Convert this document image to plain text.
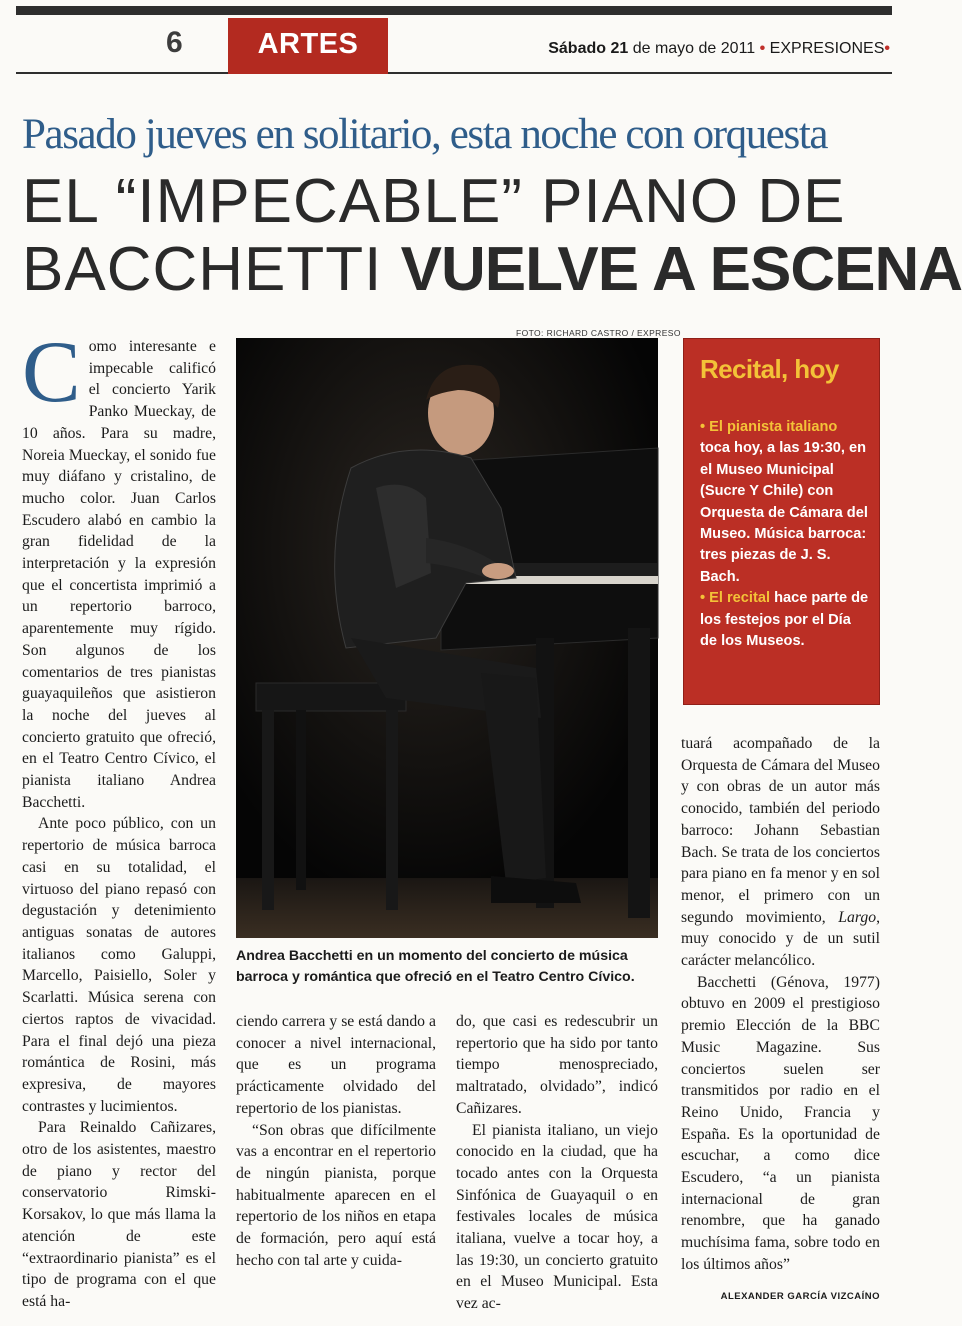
6	ARTES	Sábado 21 de mayo de 2011 • EXPRESIONES•
Pasado jueves en solitario, esta noche con orquesta
EL “IMPECABLE” PIANO DE
BACCHETTI VUELVE A ESCENA

Como interesante e impecable calificó el concierto Yarik Panko Mueckay, de 10 años. Para su madre, Noreia Mueckay, el sonido fue muy diáfano y cristalino, de mucho color. Juan Carlos Escudero alabó en cambio la gran fidelidad de la interpretación y la expresión que el concertista imprimió a un repertorio barroco, aparentemente muy rígido. Son algunos de los comentarios de tres pianistas guayaquileños que asistieron la noche del jueves al concierto gratuito que ofreció, en el Teatro Centro Cívico, el pianista italiano Andrea Bacchetti.

Ante poco público, con un repertorio de música barroca casi en su totalidad, el virtuoso del piano repasó con degustación y detenimiento antiguas sonatas de autores italianos como Galuppi, Marcello, Paisiello, Soler y Scarlatti. Música serena con ciertos raptos de vivacidad. Para el final dejó una pieza romántica de Rosini, más expresiva, de mayores contrastes y lucimientos.

Para Reinaldo Cañizares, otro de los asistentes, maestro de piano y rector del conservatorio Rimski-Korsakov, lo que más llama la atención de este “extraordinario pianista” es el tipo de programa con el que está ha-

FOTO: RICHARD CASTRO / EXPRESO
Andrea Bacchetti en un momento del concierto de música barroca y romántica que ofreció en el Teatro Centro Cívico.
Recital, hoy
• El pianista italiano toca hoy, a las 19:30, en el Museo Municipal (Sucre Y Chile) con Orquesta de Cámara del Museo. Música barroca: tres piezas de J. S. Bach.
• El recital hace parte de los festejos por el Día de los Museos.

ciendo carrera y se está dando a conocer a nivel internacional, que es un programa prácticamente olvidado del repertorio de los pianistas.

“Son obras que difícilmente vas a encontrar en el repertorio de ningún pianista, porque habitualmente aparecen en el repertorio de los niños en etapa de formación, pero aquí está hecho con tal arte y cuida-

do, que casi es redescubrir un repertorio que ha sido por tanto tiempo menospreciado, maltratado, olvidado”, indicó Cañizares.

El pianista italiano, un viejo conocido en la ciudad, que ha tocado antes con la Orquesta Sinfónica de Guayaquil o en festivales locales de música italiana, vuelve a tocar hoy, a las 19:30, un concierto gratuito en el Museo Municipal. Esta vez ac-

tuará acompañado de la Orquesta de Cámara del Museo y con obras de un autor más conocido, también del periodo barroco: Johann Sebastian Bach. Se trata de los conciertos para piano en fa menor y en sol menor, el primero con un segundo movimiento, Largo, muy conocido y de un sutil carácter melancólico.

Bacchetti (Génova, 1977) obtuvo en 2009 el prestigioso premio Elección de la BBC Music Magazine. Sus conciertos suelen ser transmitidos por radio en el Reino Unido, Francia y España. Es la oportunidad de escuchar, a como dice Escudero, “a un pianista internacional de gran renombre, que ha ganado muchísima fama, sobre todo en los últimos años”

ALEXANDER GARCÍA VIZCAÍNO
